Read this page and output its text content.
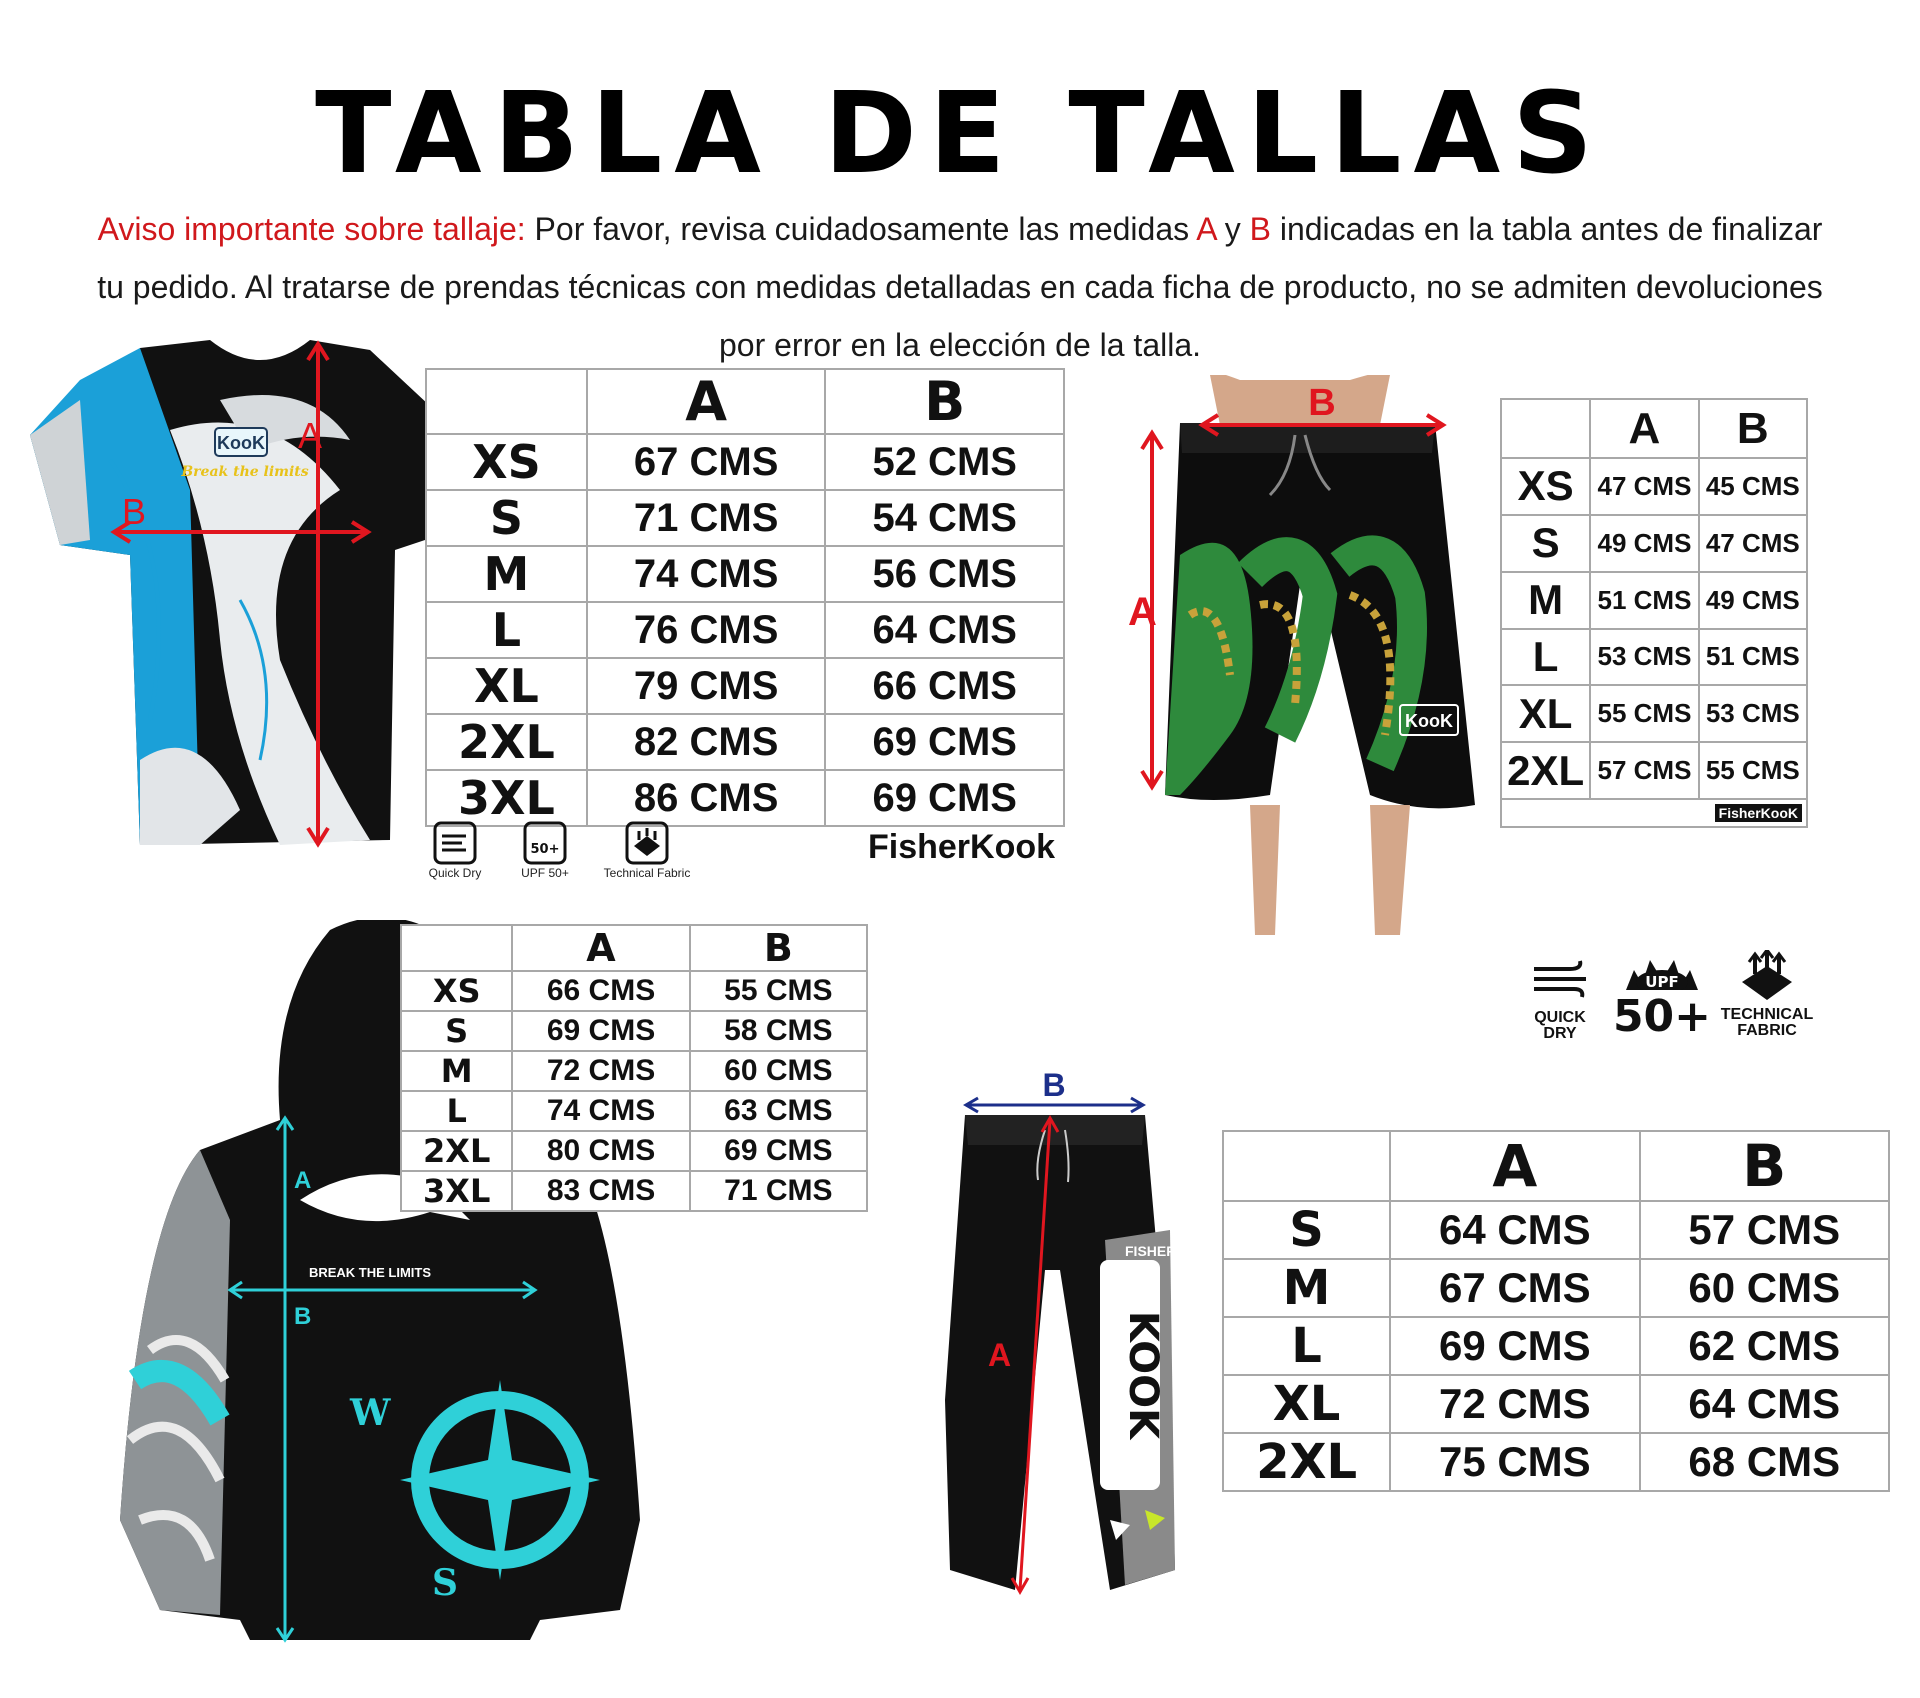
TABLA DE TALLAS
Aviso importante sobre tallaje: Por favor, revisa cuidadosamente las medidas A y B indicadas en la tabla antes de finalizar tu pedido. Al tratarse de prendas técnicas con medidas detalladas en cada ficha de producto, no se admiten devoluciones por error en la elección de la talla.
KooK
Break the limits
A
B
	A	B
XS	67 CMS	52 CMS
S	71 CMS	54 CMS
M	74 CMS	56 CMS
L	76 CMS	64 CMS
XL	79 CMS	66 CMS
2XL	82 CMS	69 CMS
3XL	86 CMS	69 CMS
Quick Dry
50+
UPF 50+	Technical Fabric
FisherKook
KooK
B
A
	A	B
XS	47 CMS	45 CMS
S	49 CMS	47 CMS
M	51 CMS	49 CMS
L	53 CMS	51 CMS
XL	55 CMS	53 CMS
2XL	57 CMS	55 CMS
FisherKooK		
QUICK DRY
UPF
50+ TECHNICAL FABRIC
BREAK THE LIMITS
W
S
A
B
	A	B
XS	66 CMS	55 CMS
S	69 CMS	58 CMS
M	72 CMS	60 CMS
L	74 CMS	63 CMS
2XL	80 CMS	69 CMS
3XL	83 CMS	71 CMS
FISHER
KOOK
B
A
	A	B
S	64 CMS	57 CMS
M	67 CMS	60 CMS
L	69 CMS	62 CMS
XL	72 CMS	64 CMS
2XL	75 CMS	68 CMS
